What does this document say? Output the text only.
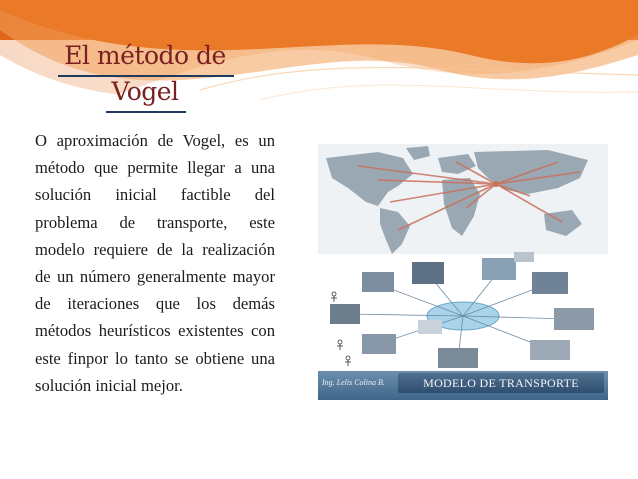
El método de
Vogel
O aproximación de Vogel, es un método que permite llegar a una solución inicial factible del problema de transporte, este modelo requiere de la realización de un número generalmente mayor de iteraciones que los demás métodos heurísticos existentes con este finpor lo tanto se obtiene una solución inicial mejor.	Ing. Lelis Colina B.	MODELO DE TRANSPORTE
